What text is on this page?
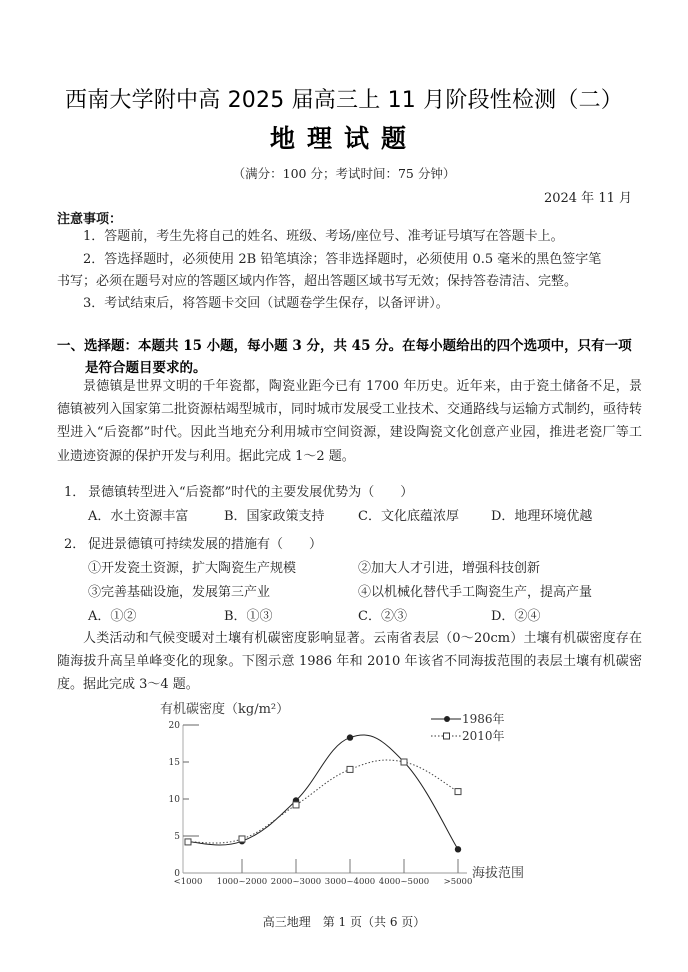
西南大学附中高 2025 届高三上 11 月阶段性检测（二）
地理试题
（满分：100 分；考试时间：75 分钟）
2024 年 11 月
注意事项：
1．答题前，考生先将自己的姓名、班级、考场/座位号、准考证号填写在答题卡上。
2．答选择题时，必须使用 2B 铅笔填涂；答非选择题时，必须使用 0.5 毫米的黑色签字笔
书写；必须在题号对应的答题区域内作答，超出答题区域书写无效；保持答卷清洁、完整。
3．考试结束后，将答题卡交回（试题卷学生保存，以备评讲）。
一、选择题：本题共 15 小题，每小题 3 分，共 45 分。在每小题给出的四个选项中，只有一项
是符合题目要求的。
景德镇是世界文明的千年瓷都，陶瓷业距今已有 1700 年历史。近年来，由于瓷土储备不足，景德镇被列入国家第二批资源枯竭型城市，同时城市发展受工业技术、交通路线与运输方式制约，亟待转型进入“后瓷都”时代。因此当地充分利用城市空间资源，建设陶瓷文化创意产业园，推进老瓷厂等工业遗迹资源的保护开发与利用。据此完成 1～2 题。
1． 景德镇转型进入“后瓷都”时代的主要发展优势为（　　）
A．水土资源丰富	B．国家政策支持	C．文化底蕴浓厚 D．地理环境优越
2． 促进景德镇可持续发展的措施有（　　）
①开发瓷土资源，扩大陶瓷生产规模	②加大人才引进，增强科技创新
③完善基础设施，发展第三产业	④以机械化替代手工陶瓷生产，提高产量
A．①②	B．①③	C．②③	D．②④
人类活动和气候变暖对土壤有机碳密度影响显著。云南省表层（0～20cm）土壤有机碳密度存在随海拔升高呈单峰变化的现象。下图示意 1986 年和 2010 年该省不同海拔范围的表层土壤有机碳密度。据此完成 3～4 题。
有机碳密度（kg/m²）
海拔范围
0
5
10
15
20
<1000 1000~2000 2000~3000 3000~4000 4000~5000 >5000
1986年
2010年
高三地理　第 1 页（共 6 页）
